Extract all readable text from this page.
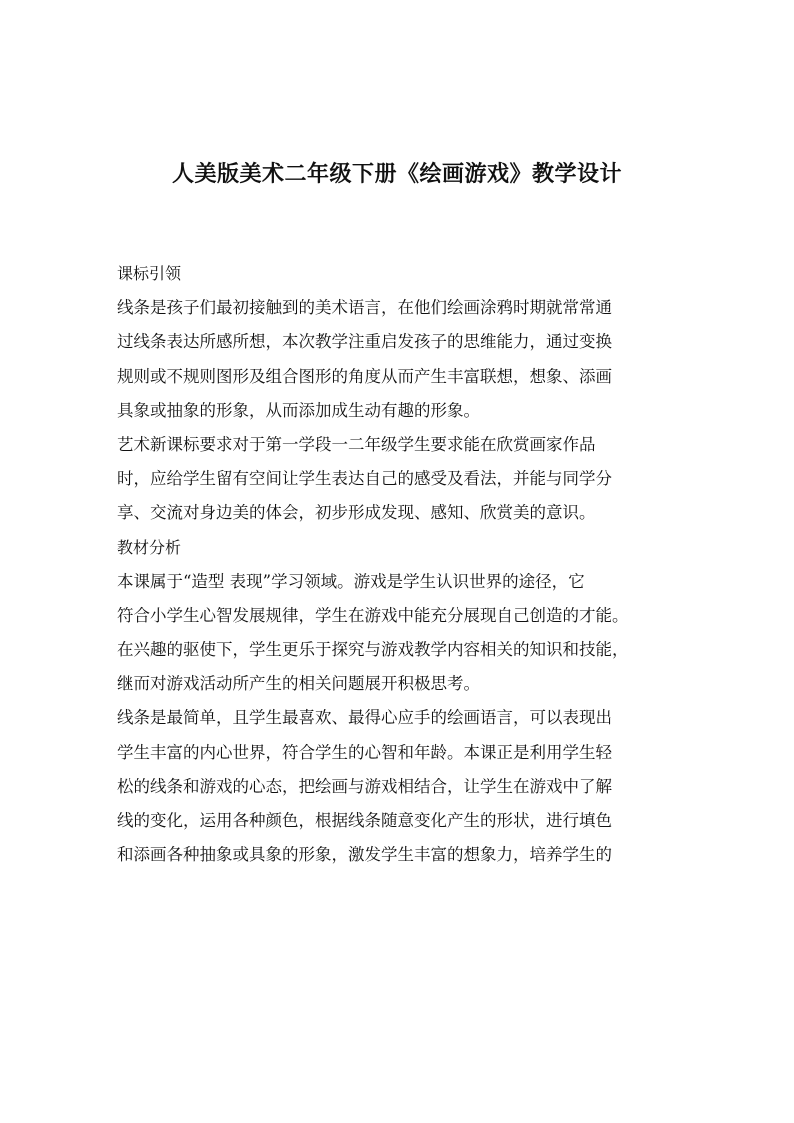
人美版美术二年级下册《绘画游戏》教学设计
课标引领
线条是孩子们最初接触到的美术语言，在他们绘画涂鸦时期就常常通
过线条表达所感所想，本次教学注重启发孩子的思维能力，通过变换
规则或不规则图形及组合图形的角度从而产生丰富联想，想象、添画
具象或抽象的形象，从而添加成生动有趣的形象。
艺术新课标要求对于第一学段一二年级学生要求能在欣赏画家作品
时，应给学生留有空间让学生表达自己的感受及看法，并能与同学分
享、交流对身边美的体会，初步形成发现、感知、欣赏美的意识。
教材分析
本课属于“造型 表现”学习领域。游戏是学生认识世界的途径，它
符合小学生心智发展规律，学生在游戏中能充分展现自己创造的才能。
在兴趣的驱使下，学生更乐于探究与游戏教学内容相关的知识和技能，
继而对游戏活动所产生的相关问题展开积极思考。
线条是最简单，且学生最喜欢、最得心应手的绘画语言，可以表现出
学生丰富的内心世界，符合学生的心智和年龄。本课正是利用学生轻
松的线条和游戏的心态，把绘画与游戏相结合，让学生在游戏中了解
线的变化，运用各种颜色，根据线条随意变化产生的形状，进行填色
和添画各种抽象或具象的形象，激发学生丰富的想象力，培养学生的
